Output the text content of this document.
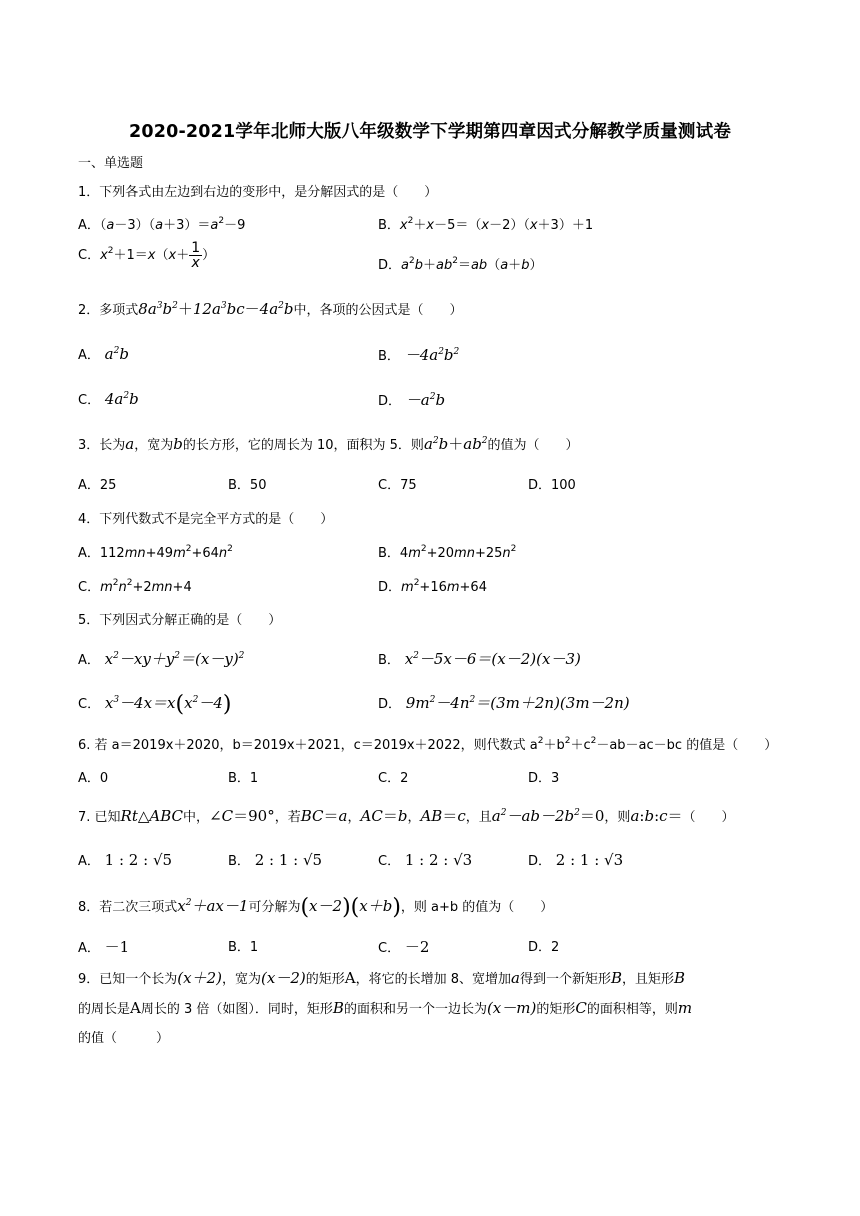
2020-2021学年北师大版八年级数学下学期第四章因式分解教学质量测试卷
一、单选题
1．下列各式由左边到右边的变形中，是分解因式的是（　　）
A．$(a-3)(a+3)=a^2-9$	B．$x^2+x-5=(x-2)(x+3)+1$
C．$x^2+1=x(x+ \frac{1}{x}$ ）
D．$a^2b+ab^2=ab(a+b)$
2．多项式$8a^3b^2+12a^3bc-4a^2b$中，各项的公因式是（　　）
A． $a^2b$	B． $-4a^2b^2$
C． $4a^2b$	D． $-a^2b$
3．长为a，宽为b的长方形，它的周长为 10，面积为 5．则$a^2b+ab^2$的值为（　　）
A．25	B．50	C．75	D．100
4．下列代数式不是完全平方式的是（　　）
A．$112mn+49m^2+64n^2$	B．$4m^2+20mn+25n^2$
C．$m^2n^2+2mn+4$	D．$m^2+16m+64$
5．下列因式分解正确的是（　　）
A． $x^2-xy+y^2=(x-y)^2$	B． $x^2-5x-6=(x-2)(x-3)$
C． $x^3-4x=x(x^2-4)$	D． $9m^2-4n^2=(3m+2n)(3m-2n)$
6. 若 a＝2019x＋2020，b＝2019x＋2021，c＝2019x＋2022，则代数式 $a^2+b^2+c^2-ab-ac-bc$ 的值是（　　）
A．0	B．1	C．2	D．3
7. 已知Rt△ABC中，∠C＝90°，若BC＝a，AC＝b，AB＝c，且$a^2-ab-2b^2=0$，则a:b:c＝（　　）
A． 1 : 2 : √5	B． 2 : 1 : √5	C． 1 : 2 : √3	D． 2 : 1 : √3
8．若二次三项式$x^2+ax-1$可分解为(x－2)(x＋b)，则 a+b 的值为（　　）
A． －1	B．1	C． －2	D．2
9．已知一个长为(x＋2)，宽为(x－2)的矩形A，将它的长增加 8、宽增加a得到一个新矩形B，且矩形B
的周长是A周长的 3 倍（如图）．同时，矩形B的面积和另一个一边长为(x－m)的矩形C的面积相等，则m
的值（　　　）
